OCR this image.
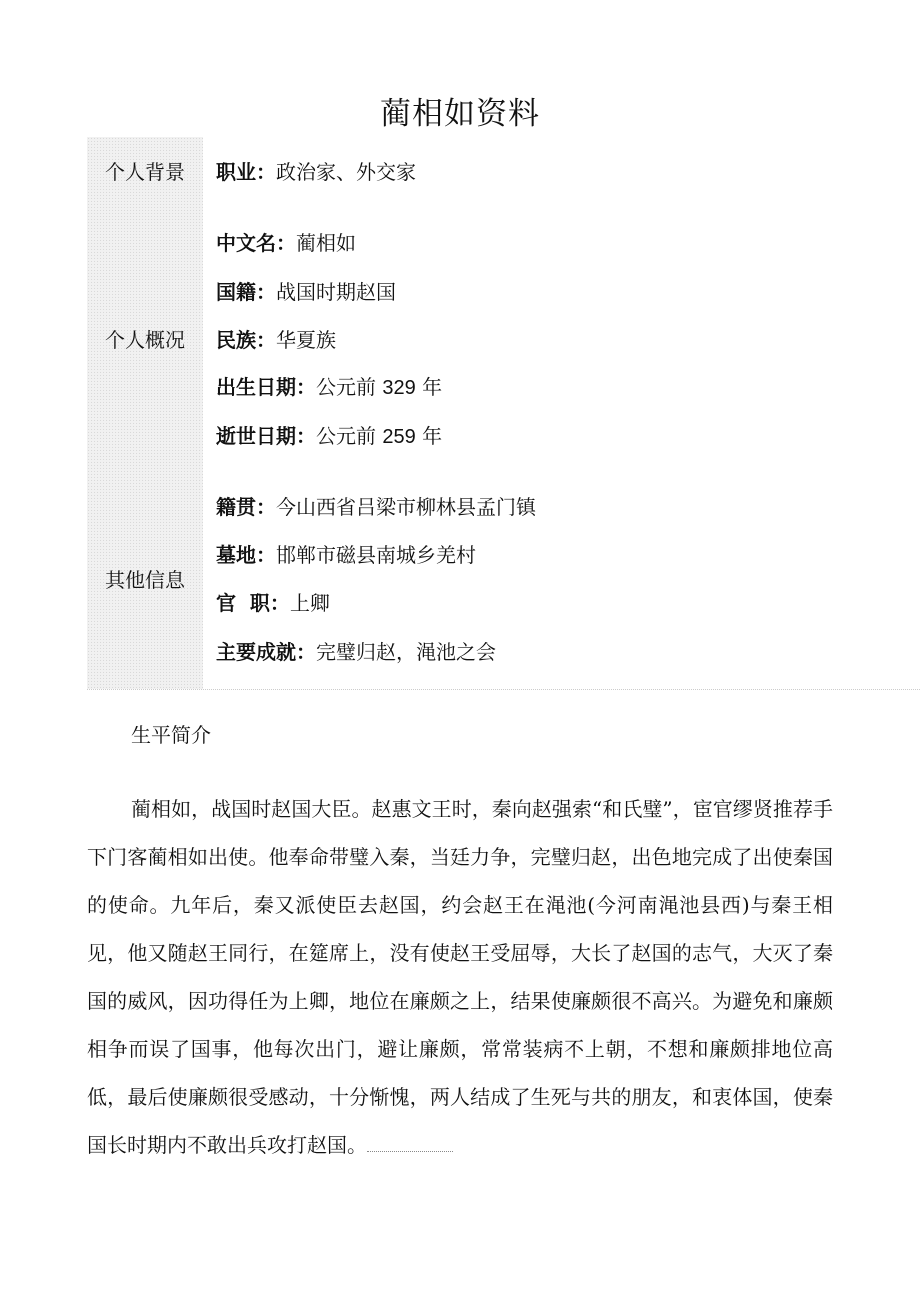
蔺相如资料
个人背景
个人概况
其他信息
职业：政治家、外交家
中文名：蔺相如
国籍：战国时期赵国
民族：华夏族
出生日期：公元前 329 年
逝世日期：公元前 259 年
籍贯：今山西省吕梁市柳林县孟门镇
墓地：邯郸市磁县南城乡羌村
官  职：上卿
主要成就：完璧归赵，渑池之会
生平简介
蔺相如，战国时赵国大臣。赵惠文王时，秦向赵强索“和氏璧”，宦官缪贤推荐手下门客蔺相如出使。他奉命带璧入秦，当廷力争，完璧归赵，出色地完成了出使秦国的使命。九年后，秦又派使臣去赵国，约会赵王在渑池(今河南渑池县西)与秦王相见，他又随赵王同行，在筵席上，没有使赵王受屈辱，大长了赵国的志气，大灭了秦国的威风，因功得任为上卿，地位在廉颇之上，结果使廉颇很不高兴。为避免和廉颇相争而误了国事，他每次出门，避让廉颇，常常装病不上朝，不想和廉颇排地位高低，最后使廉颇很受感动，十分惭愧，两人结成了生死与共的朋友，和衷体国，使秦国长时期内不敢出兵攻打赵国。
